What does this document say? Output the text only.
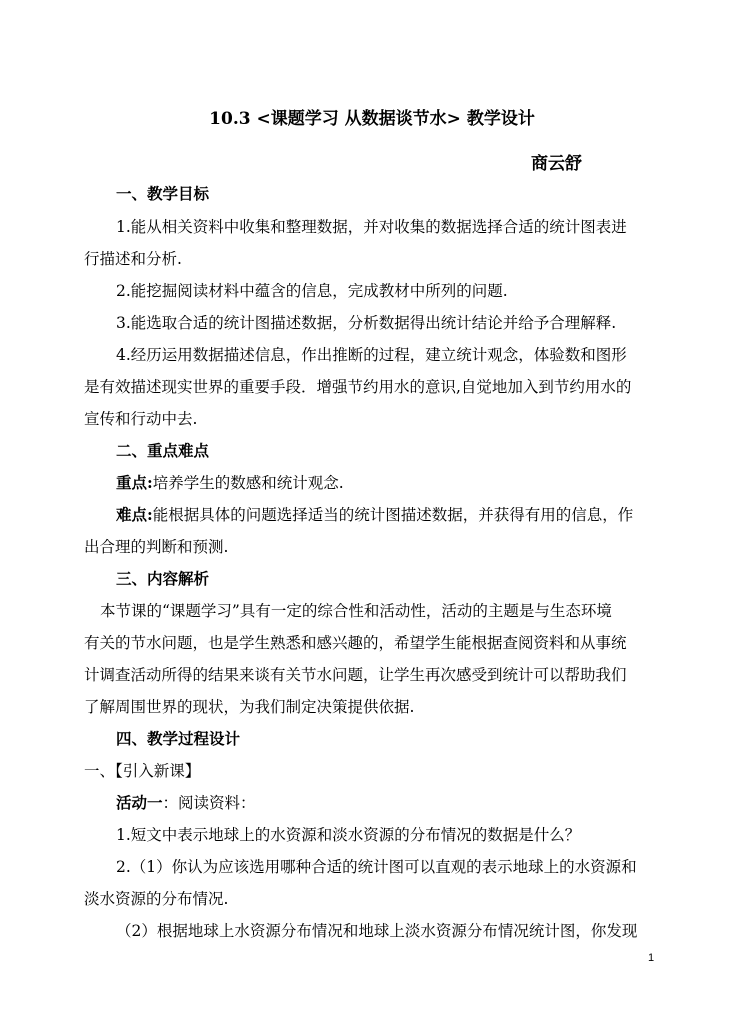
10.3 <课题学习 从数据谈节水> 教学设计
商云舒
一、教学目标
1.能从相关资料中收集和整理数据，并对收集的数据选择合适的统计图表进
行描述和分析.
2.能挖掘阅读材料中蕴含的信息，完成教材中所列的问题.
3.能选取合适的统计图描述数据，分析数据得出统计结论并给予合理解释.
4.经历运用数据描述信息，作出推断的过程，建立统计观念，体验数和图形
是有效描述现实世界的重要手段．增强节约用水的意识,自觉地加入到节约用水的
宣传和行动中去.
二、重点难点
重点:培养学生的数感和统计观念.
难点:能根据具体的问题选择适当的统计图描述数据，并获得有用的信息，作
出合理的判断和预测.
三、内容解析
本节课的“课题学习”具有一定的综合性和活动性，活动的主题是与生态环境
有关的节水问题，也是学生熟悉和感兴趣的，希望学生能根据查阅资料和从事统
计调查活动所得的结果来谈有关节水问题，让学生再次感受到统计可以帮助我们
了解周围世界的现状，为我们制定决策提供依据.
四、教学过程设计
一、【引入新课】
活动一：阅读资料：
1.短文中表示地球上的水资源和淡水资源的分布情况的数据是什么？
2.（1）你认为应该选用哪种合适的统计图可以直观的表示地球上的水资源和
淡水资源的分布情况.
（2）根据地球上水资源分布情况和地球上淡水资源分布情况统计图，你发现
1
